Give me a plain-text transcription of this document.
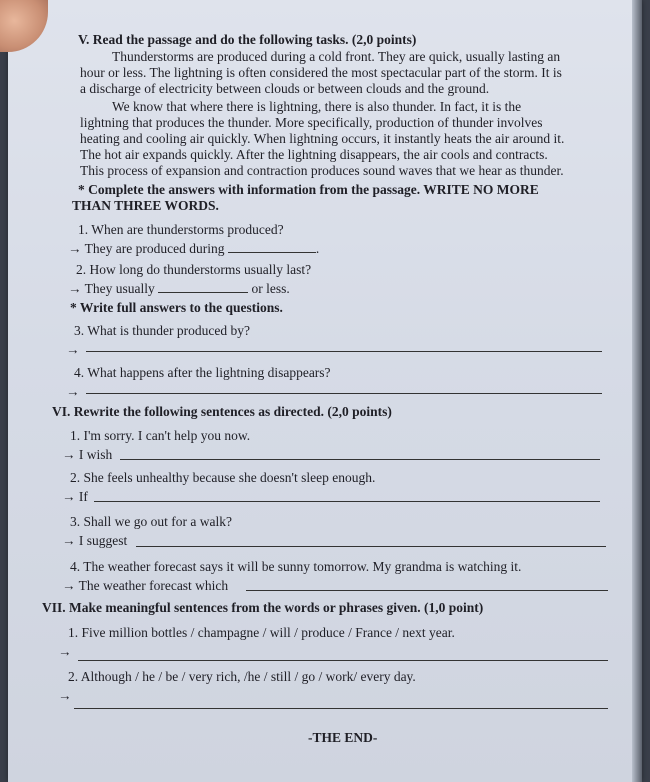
V. Read the passage and do the following tasks. (2,0 points)
Thunderstorms are produced during a cold front. They are quick, usually lasting an
hour or less. The lightning is often considered the most spectacular part of the storm. It is
a discharge of electricity between clouds or between clouds and the ground.
We know that where there is lightning, there is also thunder. In fact, it is the
lightning that produces the thunder. More specifically, production of thunder involves
heating and cooling air quickly. When lightning occurs, it instantly heats the air around it.
The hot air expands quickly. After the lightning disappears, the air cools and contracts.
This process of expansion and contraction produces sound waves that we hear as thunder.
* Complete the answers with information from the passage. WRITE NO MORE
THAN THREE WORDS.
1. When are thunderstorms produced?
→ They are produced during	.
2. How long do thunderstorms usually last?
→ They usually	or less.
* Write full answers to the questions.
3. What is thunder produced by?
→
4. What happens after the lightning disappears?
→
VI. Rewrite the following sentences as directed. (2,0 points)
1. I'm sorry. I can't help you now.
→ I wish
2. She feels unhealthy because she doesn't sleep enough.
→ If
3. Shall we go out for a walk?
→ I suggest
4. The weather forecast says it will be sunny tomorrow. My grandma is watching it.
→ The weather forecast which
VII. Make meaningful sentences from the words or phrases given. (1,0 point)
1. Five million bottles / champagne / will / produce / France / next year.
→
2. Although / he / be / very rich, /he / still / go / work/ every day.
→
-THE END-
